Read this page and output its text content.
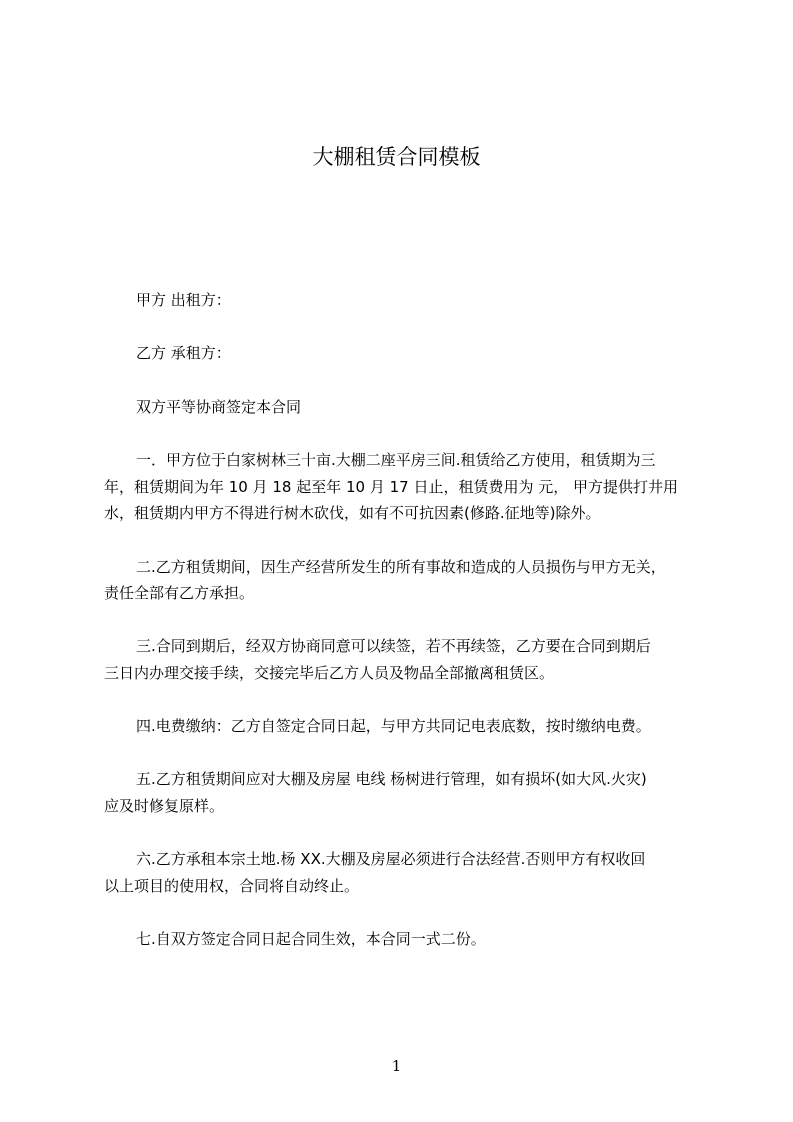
大棚租赁合同模板
甲方 出租方：
乙方 承租方：
双方平等协商签定本合同
一．甲方位于白家树林三十亩.大棚二座平房三间.租赁给乙方使用，租赁期为三
年，租赁期间为年 10 月 18 起至年 10 月 17 日止，租赁费用为 元， 甲方提供打井用
水，租赁期内甲方不得进行树木砍伐，如有不可抗因素(修路.征地等)除外。
二.乙方租赁期间，因生产经营所发生的所有事故和造成的人员损伤与甲方无关，
责任全部有乙方承担。
三.合同到期后，经双方协商同意可以续签，若不再续签，乙方要在合同到期后
三日内办理交接手续，交接完毕后乙方人员及物品全部撤离租赁区。
四.电费缴纳：乙方自签定合同日起，与甲方共同记电表底数，按时缴纳电费。
五.乙方租赁期间应对大棚及房屋 电线 杨树进行管理，如有损坏(如大风.火灾)
应及时修复原样。
六.乙方承租本宗土地.杨 XX.大棚及房屋必须进行合法经营.否则甲方有权收回
以上项目的使用权，合同将自动终止。
七.自双方签定合同日起合同生效，本合同一式二份。
1
